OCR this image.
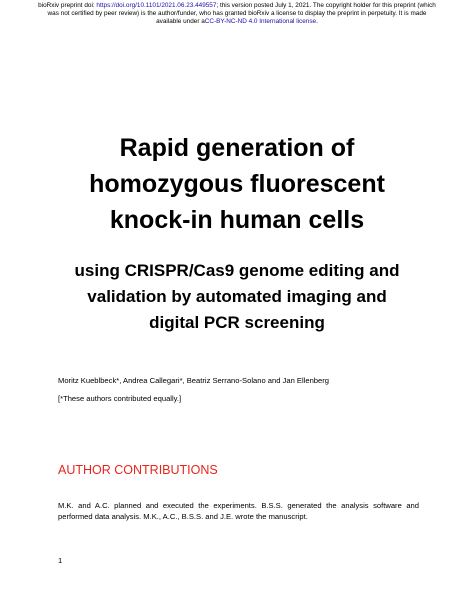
bioRxiv preprint doi: https://doi.org/10.1101/2021.06.23.449557; this version posted July 1, 2021. The copyright holder for this preprint (which
was not certified by peer review) is the author/funder, who has granted bioRxiv a license to display the preprint in perpetuity. It is made
available under aCC-BY-NC-ND 4.0 International license.
Rapid generation of
homozygous fluorescent
knock-in human cells
using CRISPR/Cas9 genome editing and
validation by automated imaging and
digital PCR screening
Moritz Kueblbeck*, Andrea Callegari*, Beatriz Serrano-Solano and Jan Ellenberg
[*These authors contributed equally.]
AUTHOR CONTRIBUTIONS
M.K. and A.C. planned and executed the experiments. B.S.S. generated the analysis software and performed data analysis. M.K., A.C., B.S.S. and J.E. wrote the manuscript.
1
